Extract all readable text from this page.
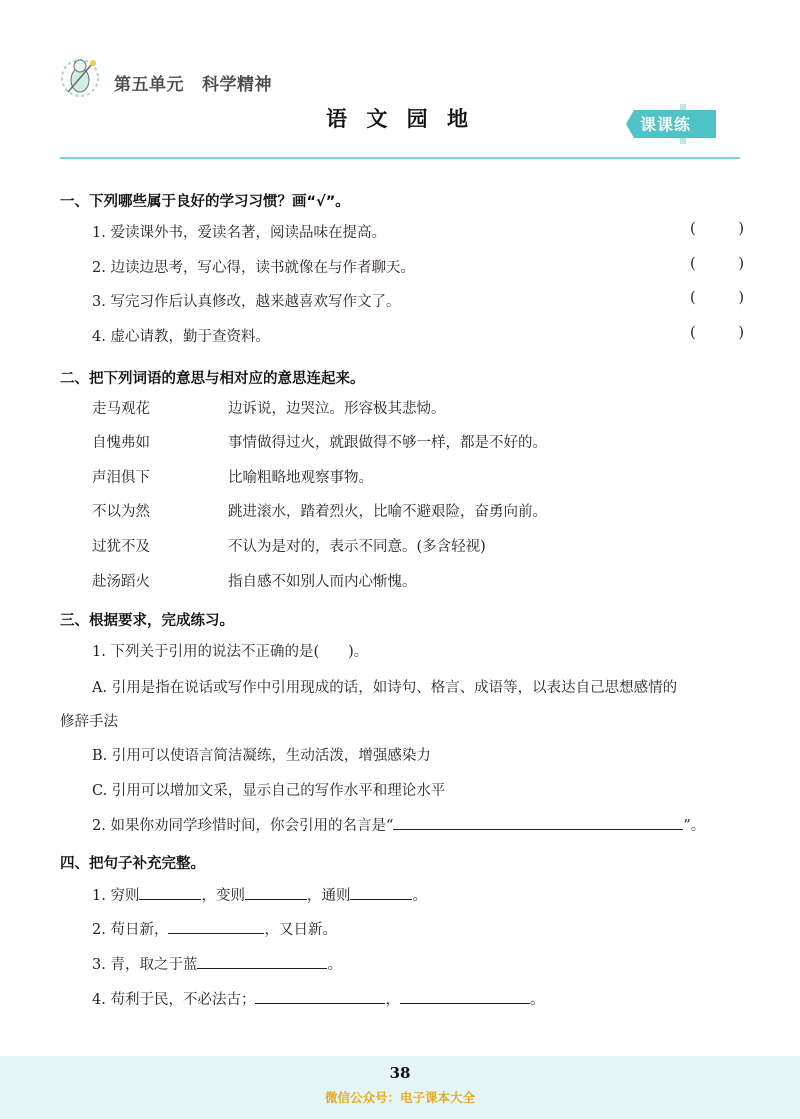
第五单元 科学精神
语 文 园 地	课课练
一、下列哪些属于良好的学习习惯？画“√”。
1. 爱读课外书，爱读名著，阅读品味在提高。	(	)
2. 边读边思考，写心得，读书就像在与作者聊天。	(	)
3. 写完习作后认真修改，越来越喜欢写作文了。	(	)
4. 虚心请教，勤于查资料。	(	)
二、把下列词语的意思与相对应的意思连起来。
走马观花	边诉说，边哭泣。形容极其悲恸。
自愧弗如	事情做得过火，就跟做得不够一样，都是不好的。
声泪俱下	比喻粗略地观察事物。
不以为然	跳进滚水，踏着烈火，比喻不避艰险，奋勇向前。
过犹不及	不认为是对的，表示不同意。(多含轻视)
赴汤蹈火	指自感不如别人而内心惭愧。
三、根据要求，完成练习。
1. 下列关于引用的说法不正确的是(　　)。
A. 引用是指在说话或写作中引用现成的话，如诗句、格言、成语等，以表达自己思想感情的
修辞手法
B. 引用可以使语言简洁凝练，生动活泼，增强感染力
C. 引用可以增加文采，显示自己的写作水平和理论水平
2. 如果你劝同学珍惜时间，你会引用的名言是“	”。
四、把句子补充完整。
1. 穷则	，变则	，通则	。
2. 苟日新，	，又日新。
3. 青，取之于蓝	。
4. 苟利于民，不必法古；	，	。
38
微信公众号：电子课本大全
